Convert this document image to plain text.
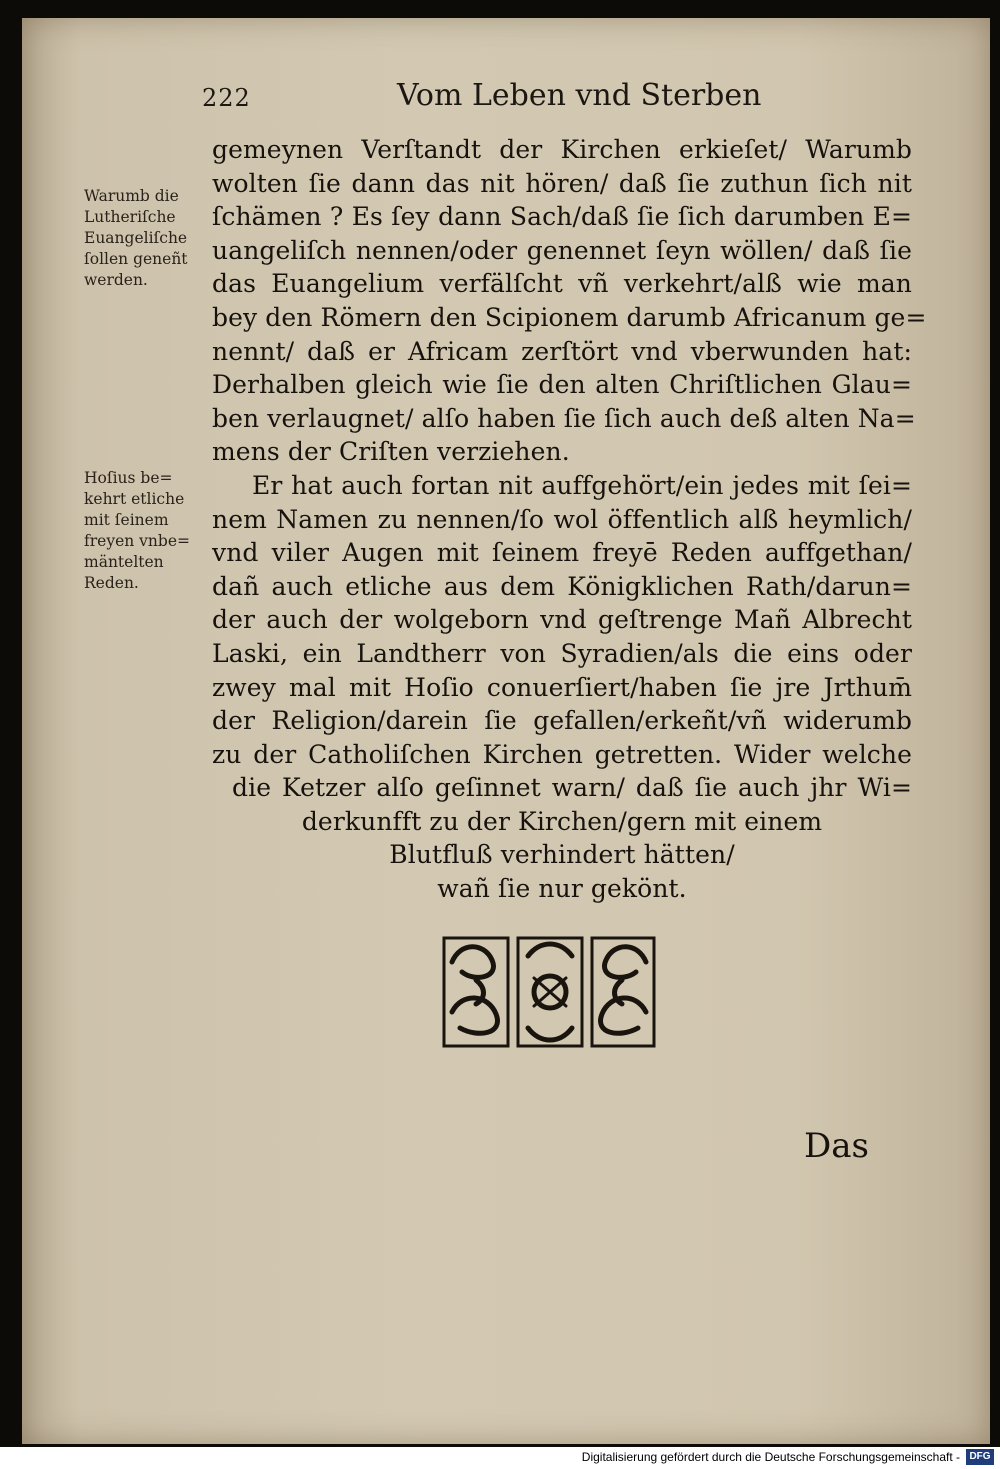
222	Vom Leben vnd Sterben
gemeynen Verſtandt der Kirchen erkieſet/ Warumb
wolten ſie dann das nit hören/ daß ſie zuthun ſich nit
ſchämen ? Es ſey dann Sach/daß ſie ſich darumben E=
uangeliſch nennen/oder genennet ſeyn wöllen/ daß ſie
das Euangelium verfälſcht vñ verkehrt/alß wie man
bey den Römern den Scipionem darumb Africanum ge=
nennt/ daß er Africam zerſtört vnd vberwunden hat:
Derhalben gleich wie ſie den alten Chriſtlichen Glau=
ben verlaugnet/ alſo haben ſie ſich auch deß alten Na=
mens der Criſten verziehen.
Er hat auch fortan nit auffgehört/ein jedes mit ſei=
nem Namen zu nennen/ſo wol öffentlich alß heymlich/
vnd viler Augen mit ſeinem freyē Reden auffgethan/
dañ auch etliche aus dem Königklichen Rath/darun=
der auch der wolgeborn vnd geſtrenge Mañ Albrecht
Laski, ein Landtherr von Syradien/als die eins oder
zwey mal mit Hoſio conuerſiert/haben ſie jre Jrthum̄
der Religion/darein ſie gefallen/erkeñt/vñ widerumb
zu der Catholiſchen Kirchen getretten. Wider welche
die Ketzer alſo geſinnet warn/ daß ſie auch jhr Wi=
derkunfft zu der Kirchen/gern mit einem
Blutfluß verhindert hätten/
wañ ſie nur gekönt.
Warumb die
Lutheriſche
Euangeliſche
ſollen geneñt
werden.
Hoſius be=
kehrt etliche
mit ſeinem
freyen vnbe=
mäntelten
Reden.
Das
Digitalisierung gefördert durch die Deutsche Forschungsgemeinschaft - DFG
